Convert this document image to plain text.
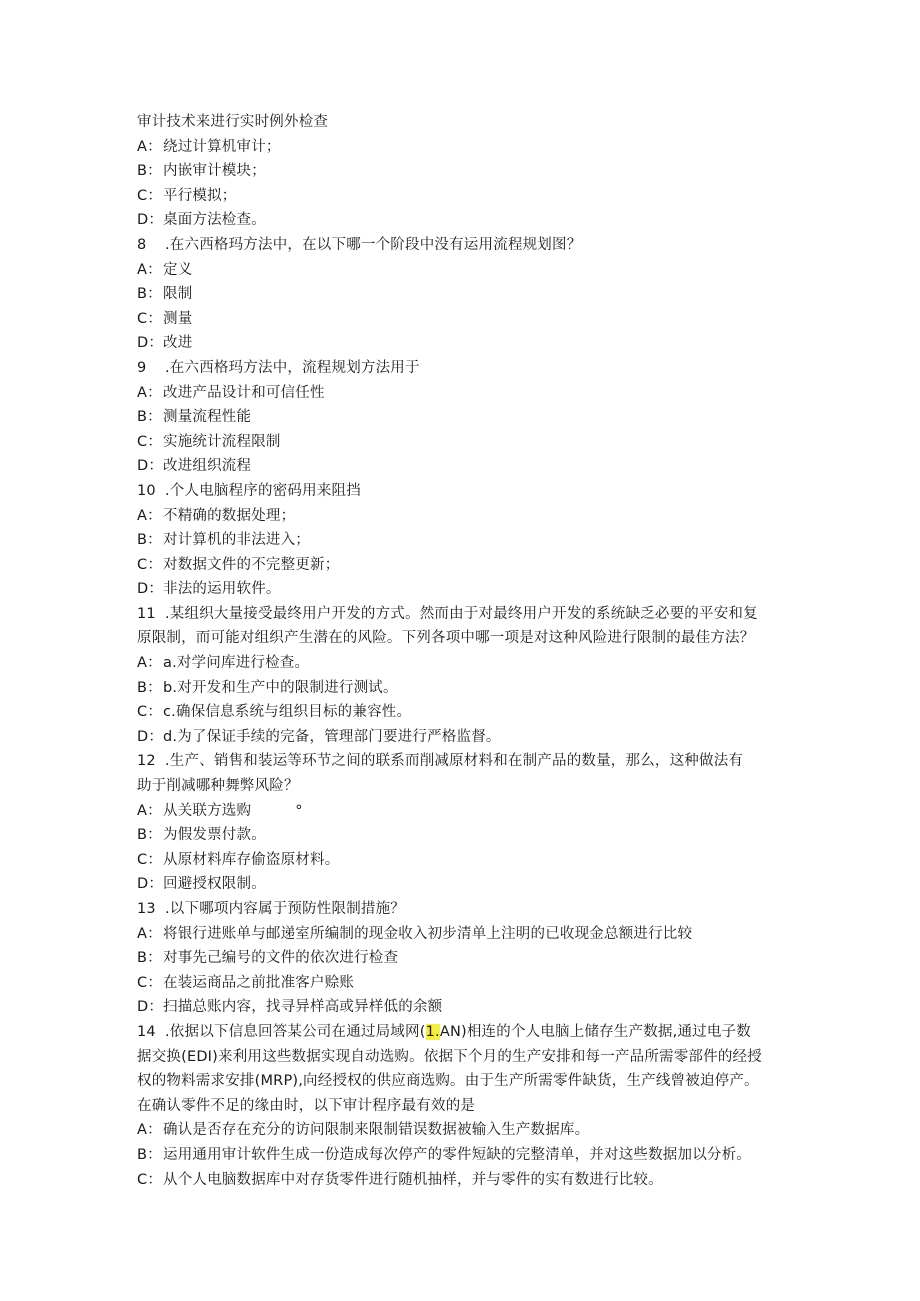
审计技术来进行实时例外检查
A：绕过计算机审计；
B：内嵌审计模块；
C：平行模拟；
D：桌面方法检查。
8 .在六西格玛方法中，在以下哪一个阶段中没有运用流程规划图？
A：定义
B：限制
C：测量
D：改进
9 .在六西格玛方法中，流程规划方法用于
A：改进产品设计和可信任性
B：测量流程性能
C：实施统计流程限制
D：改进组织流程
10 .个人电脑程序的密码用来阻挡
A：不精确的数据处理；
B：对计算机的非法进入；
C：对数据文件的不完整更新；
D：非法的运用软件。
11 .某组织大量接受最终用户开发的方式。然而由于对最终用户开发的系统缺乏必要的平安和复
原限制，而可能对组织产生潜在的风险。下列各项中哪一项是对这种风险进行限制的最佳方法？
A：a.对学问库进行检查。
B：b.对开发和生产中的限制进行测试。
C：c.确保信息系统与组织目标的兼容性。
D：d.为了保证手续的完备，管理部门要进行严格监督。
12 .生产、销售和装运等环节之间的联系而削减原材料和在制产品的数量，那么，这种做法有
助于削减哪种舞弊风险？
A：从关联方选购	°
B：为假发票付款。
C：从原材料库存偷盗原材料。
D：回避授权限制。
13 .以下哪项内容属于预防性限制措施？
A：将银行进账单与邮递室所编制的现金收入初步清单上注明的已收现金总额进行比较
B：对事先己编号的文件的依次进行检查
C：在装运商品之前批准客户赊账
D：扫描总账内容，找寻异样高或异样低的余额
14 .依据以下信息回答某公司在通过局域网(1.AN)相连的个人电脑上储存生产数据,通过电子数
据交换(EDI)来利用这些数据实现自动选购。依据下个月的生产安排和每一产品所需零部件的经授
权的物料需求安排(MRP),向经授权的供应商选购。由于生产所需零件缺货，生产线曾被迫停产。
在确认零件不足的缘由时，以下审计程序最有效的是
A：确认是否存在充分的访问限制来限制错误数据被输入生产数据库。
B：运用通用审计软件生成一份造成每次停产的零件短缺的完整清单，并对这些数据加以分析。
C：从个人电脑数据库中对存货零件进行随机抽样，并与零件的实有数进行比较。
